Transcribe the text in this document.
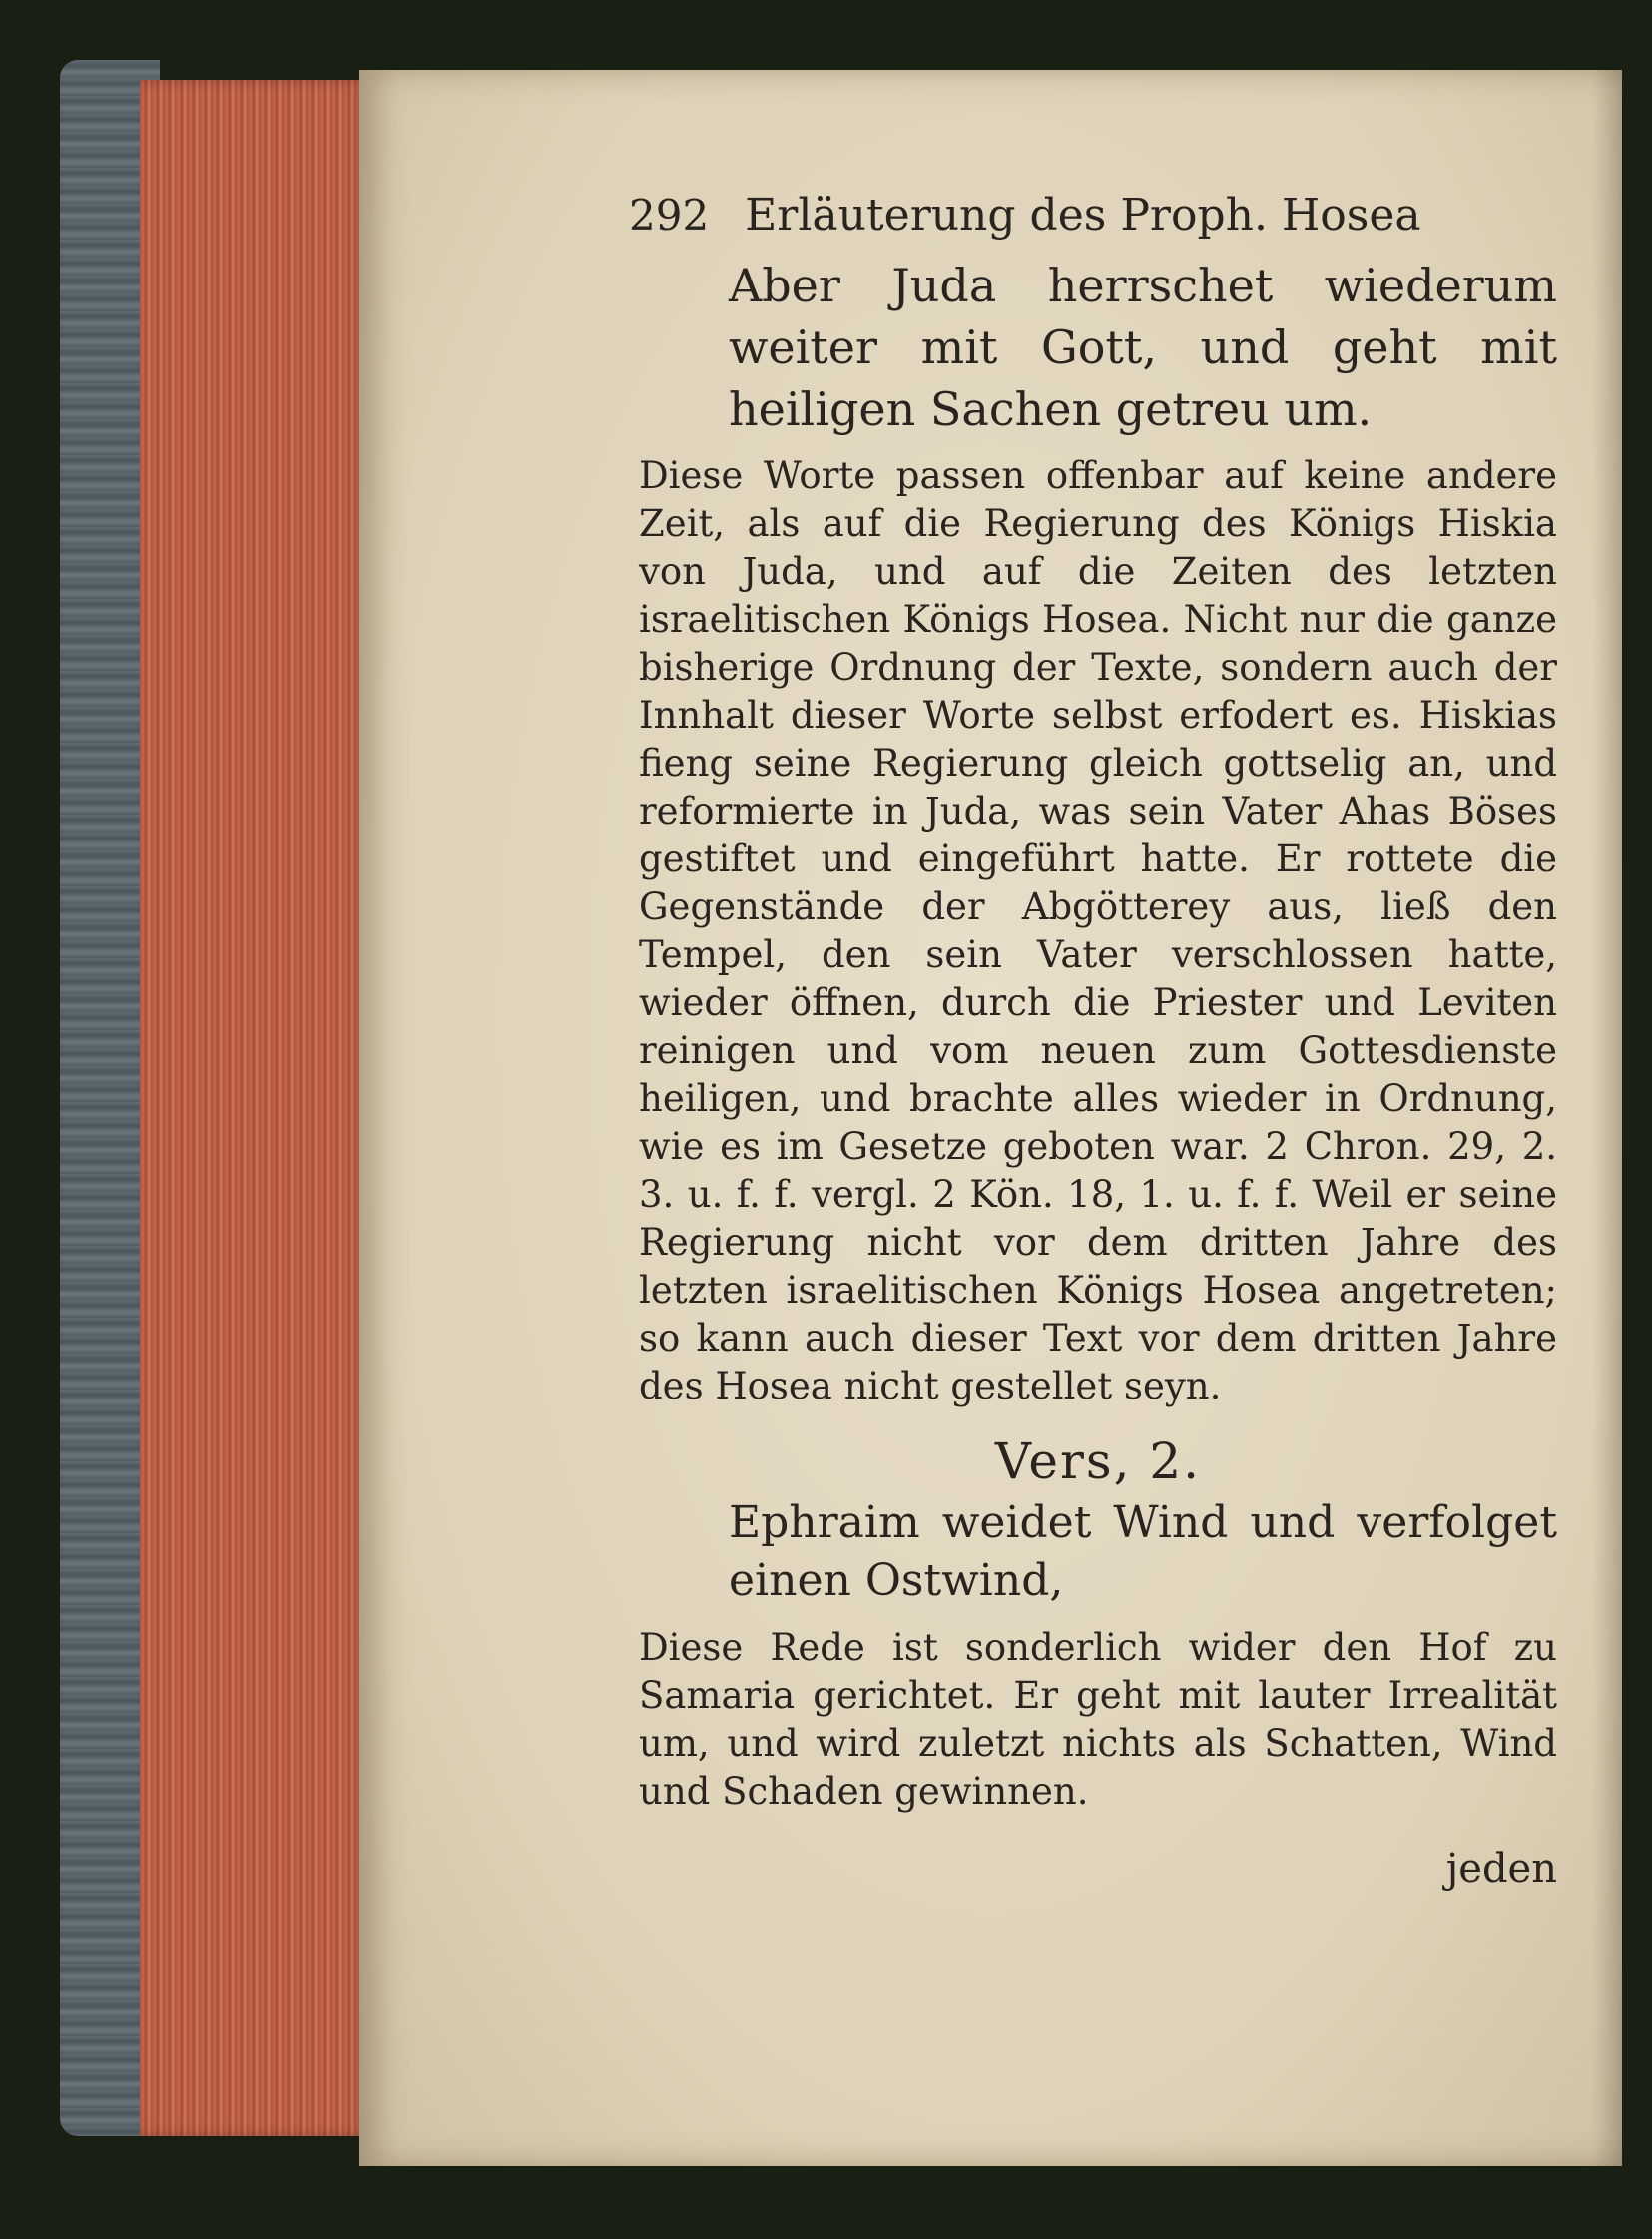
292 Erläuterung des Proph. Hosea

Aber Juda herrschet wiederum weiter mit Gott, und geht mit heiligen Sachen getreu um.

Diese Worte passen offenbar auf keine andere Zeit, als auf die Regierung des Königs Hiskia von Juda, und auf die Zeiten des letzten israelitischen Königs Hosea. Nicht nur die ganze bisherige Ordnung der Texte, sondern auch der Innhalt dieser Worte selbst erfodert es. Hiskias fieng seine Regierung gleich gottselig an, und reformierte in Juda, was sein Vater Ahas Böses gestiftet und eingeführt hatte. Er rottete die Gegenstände der Abgötterey aus, ließ den Tempel, den sein Vater verschlossen hatte, wieder öffnen, durch die Priester und Leviten reinigen und vom neuen zum Gottesdienste heiligen, und brachte alles wieder in Ordnung, wie es im Gesetze geboten war. 2 Chron. 29, 2. 3. u. f. f. vergl. 2 Kön. 18, 1. u. f. f. Weil er seine Regierung nicht vor dem dritten Jahre des letzten israelitischen Königs Hosea angetreten; so kann auch dieser Text vor dem dritten Jahre des Hosea nicht gestellet seyn.

Vers, 2.

Ephraim weidet Wind und verfolget einen Ostwind,

Diese Rede ist sonderlich wider den Hof zu Samaria gerichtet. Er geht mit lauter Irrealität um, und wird zuletzt nichts als Schatten, Wind und Schaden gewinnen.

jeden
